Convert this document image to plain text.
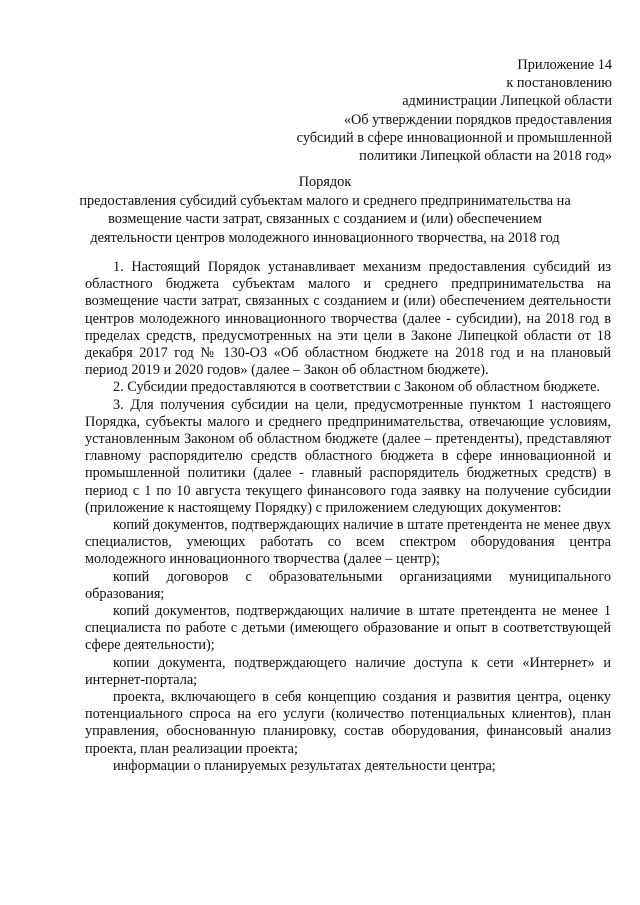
Приложение 14
к постановлению
администрации Липецкой области
«Об утверждении порядков предоставления
субсидий в сфере инновационной и промышленной
политики Липецкой области на 2018 год»
Порядок
предоставления субсидий субъектам малого и среднего предпринимательства на
возмещение части затрат, связанных с созданием и (или) обеспечением
деятельности центров молодежного инновационного творчества, на 2018 год

1. Настоящий Порядок устанавливает механизм предоставления субсидий из областного бюджета субъектам малого и среднего предпринимательства на возмещение части затрат, связанных с созданием и (или) обеспечением деятельности центров молодежного инновационного творчества (далее - субсидии), на 2018 год в пределах средств, предусмотренных на эти цели в Законе Липецкой области от 18 декабря 2017 год № 130-ОЗ «Об областном бюджете на 2018 год и на плановый период 2019 и 2020 годов» (далее – Закон об областном бюджете).

2. Субсидии предоставляются в соответствии с Законом об областном бюджете.

3. Для получения субсидии на цели, предусмотренные пунктом 1 настоящего Порядка, субъекты малого и среднего предпринимательства, отвечающие условиям, установленным Законом об областном бюджете (далее – претенденты), представляют главному распорядителю средств областного бюджета в сфере инновационной и промышленной политики (далее - главный распорядитель бюджетных средств) в период с 1 по 10 августа текущего финансового года заявку на получение субсидии (приложение к настоящему Порядку) с приложением следующих документов:

копий документов, подтверждающих наличие в штате претендента не менее двух специалистов, умеющих работать со всем спектром оборудования центра молодежного инновационного творчества (далее – центр);

копий договоров с образовательными организациями муниципального образования;

копий документов, подтверждающих наличие в штате претендента не менее 1 специалиста по работе с детьми (имеющего образование и опыт в соответствующей сфере деятельности);

копии документа, подтверждающего наличие доступа к сети «Интернет» и интернет-портала;

проекта, включающего в себя концепцию создания и развития центра, оценку потенциального спроса на его услуги (количество потенциальных клиентов), план управления, обоснованную планировку, состав оборудования, финансовый анализ проекта, план реализации проекта;

информации о планируемых результатах деятельности центра;
